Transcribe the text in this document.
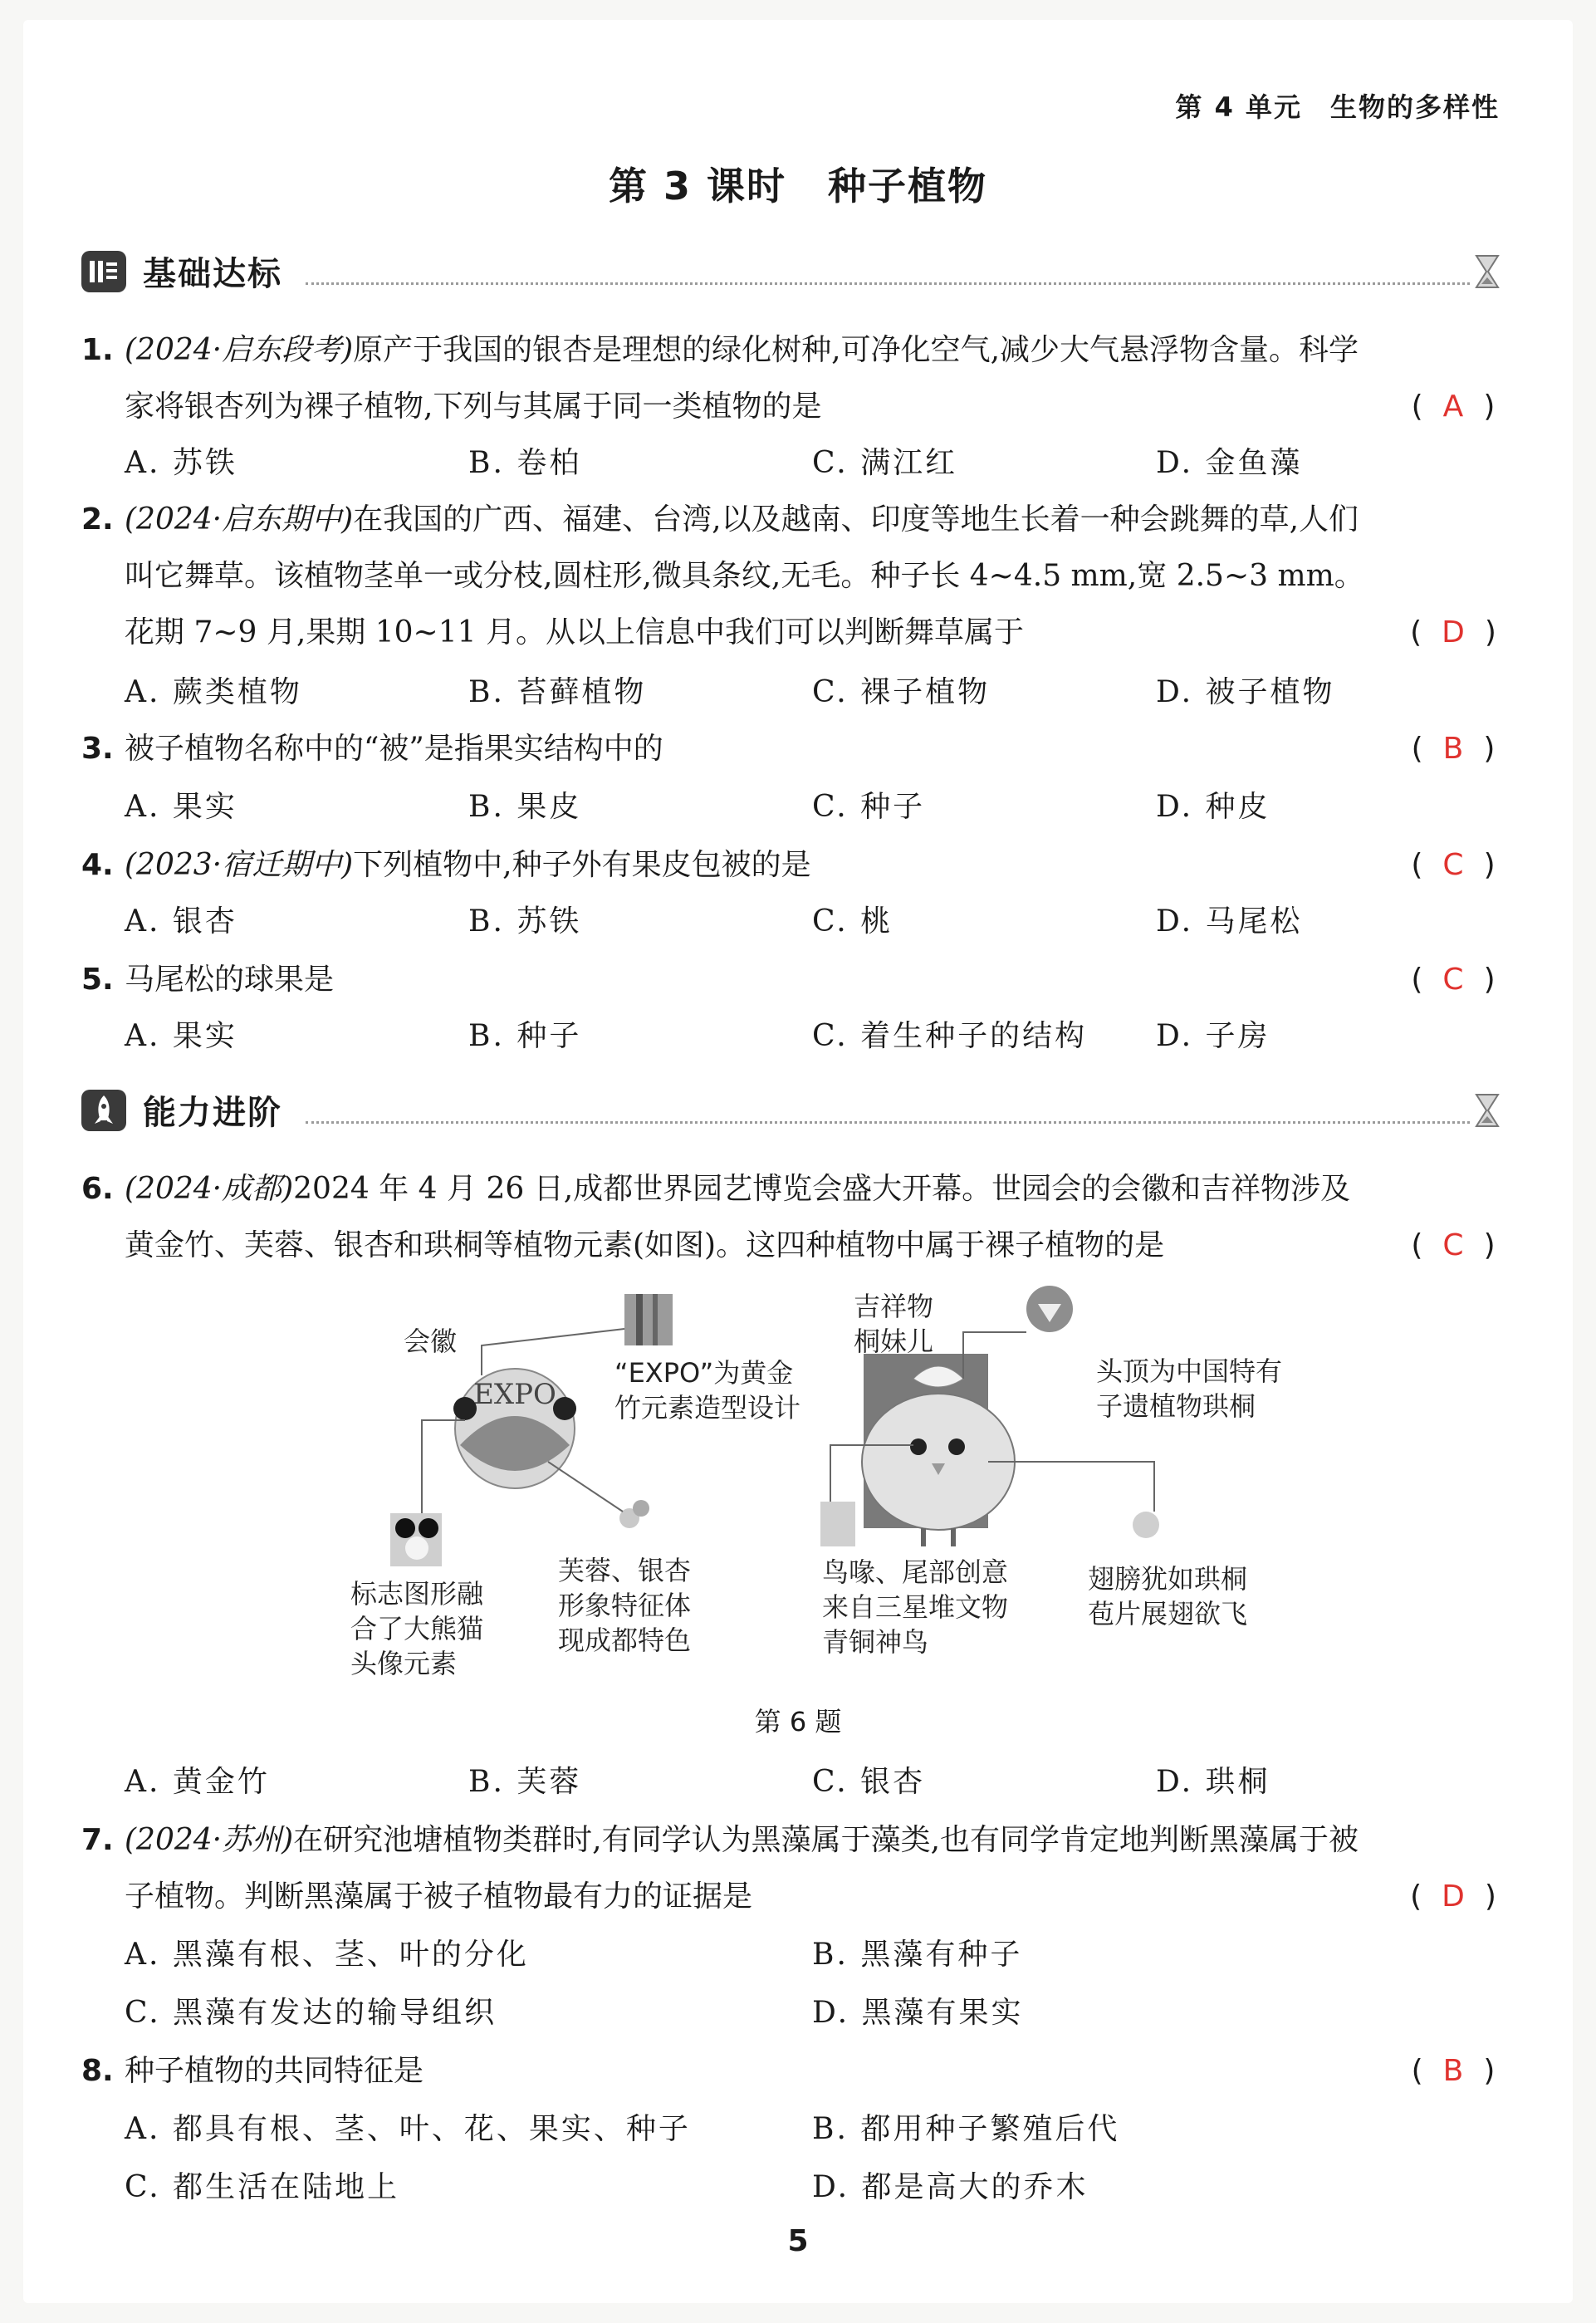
第 4 单元 生物的多样性
第 3 课时 种子植物
基础达标
1. (2024·启东段考)原产于我国的银杏是理想的绿化树种,可净化空气,减少大气悬浮物含量。科学家将银杏列为裸子植物,下列与其属于同一类植物的是	( A )
A. 苏铁	B. 卷柏	C. 满江红	D. 金鱼藻
2. (2024·启东期中)在我国的广西、福建、台湾,以及越南、印度等地生长着一种会跳舞的草,人们叫它舞草。该植物茎单一或分枝,圆柱形,微具条纹,无毛。种子长 4~4.5 mm,宽 2.5~3 mm。花期 7~9 月,果期 10~11 月。从以上信息中我们可以判断舞草属于	( D )
A. 蕨类植物	B. 苔藓植物	C. 裸子植物	D. 被子植物
3. 被子植物名称中的“被”是指果实结构中的	( B )
A. 果实	B. 果皮	C. 种子	D. 种皮
4. (2023·宿迁期中)下列植物中,种子外有果皮包被的是	( C )
A. 银杏	B. 苏铁	C. 桃	D. 马尾松
5. 马尾松的球果是	( C )
A. 果实	B. 种子	C. 着生种子的结构 D. 子房
能力进阶
6. (2024·成都)2024 年 4 月 26 日,成都世界园艺博览会盛大开幕。世园会的会徽和吉祥物涉及黄金竹、芙蓉、银杏和珙桐等植物元素(如图)。这四种植物中属于裸子植物的是	( C )
EXPO
会徽
“EXPO”为黄金竹元素造型设计
标志图形融合了大熊猫头像元素
芙蓉、银杏形象特征体现成都特色
吉祥物桐妹儿
头顶为中国特有子遗植物珙桐
鸟喙、尾部创意来自三星堆文物青铜神鸟
翅膀犹如珙桐苞片展翅欲飞
第 6 题
A. 黄金竹	B. 芙蓉	C. 银杏	D. 珙桐
7. (2024·苏州)在研究池塘植物类群时,有同学认为黑藻属于藻类,也有同学肯定地判断黑藻属于被子植物。判断黑藻属于被子植物最有力的证据是	( D )
A. 黑藻有根、茎、叶的分化	B. 黑藻有种子
C. 黑藻有发达的输导组织	D. 黑藻有果实
8. 种子植物的共同特征是	( B )
A. 都具有根、茎、叶、花、果实、种子	B. 都用种子繁殖后代
C. 都生活在陆地上	D. 都是高大的乔木
5
